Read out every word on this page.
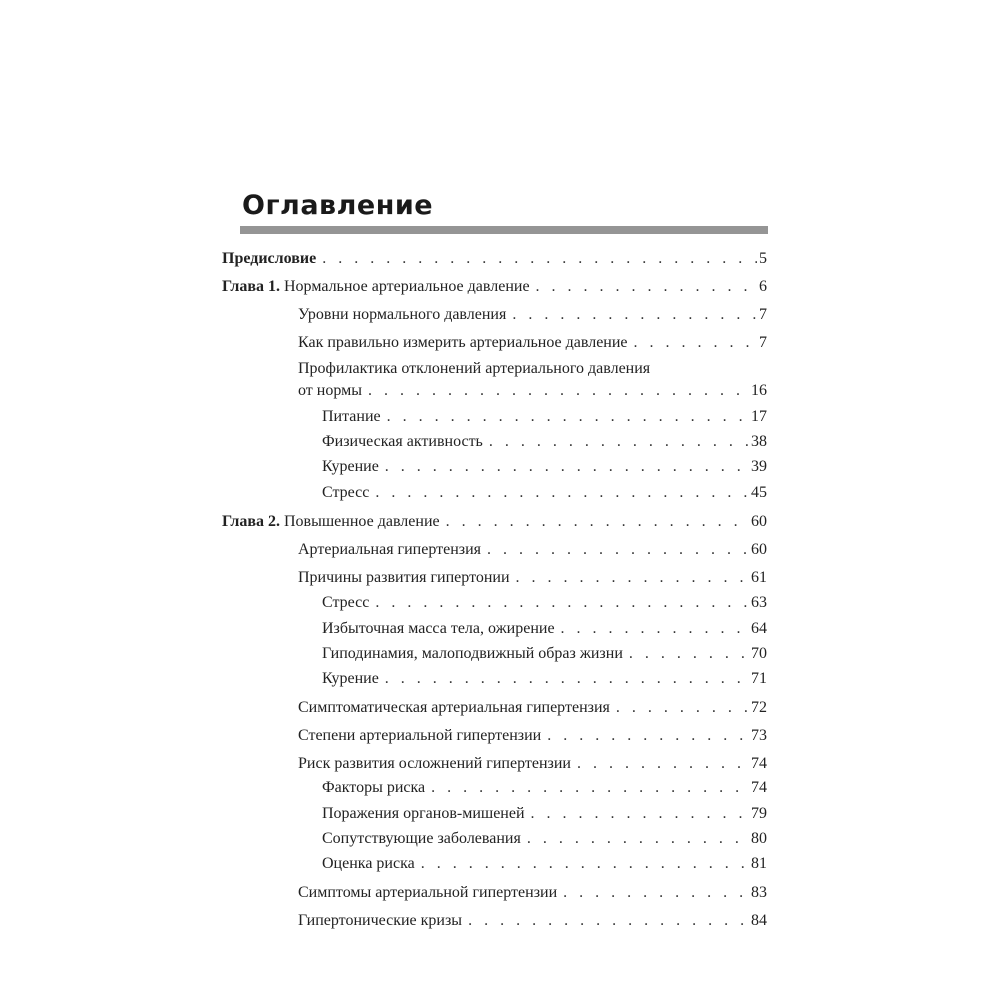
Оглавление
Предисловие . . .	5
Глава 1. Нормальное артериальное давление . . .	6
Уровни нормального давления . . .	7
Как правильно измерить артериальное давление . . .	7
Профилактика отклонений артериального давления
от нормы . . .	16
Питание . . .	17
Физическая активность . . .	38
Курение . . .	39
Стресс . . .	45
Глава 2. Повышенное давление . . .	60
Артериальная гипертензия . . .	60
Причины развития гипертонии . . .	61
Стресс . . .	63
Избыточная масса тела, ожирение . . .	64
Гиподинамия, малоподвижный образ жизни . . .	70
Курение . . .	71
Симптоматическая артериальная гипертензия . . .	72
Степени артериальной гипертензии . . .	73
Риск развития осложнений гипертензии . . .	74
Факторы риска . . .	74
Поражения органов-мишеней . . .	79
Сопутствующие заболевания . . .	80
Оценка риска . . .	81
Симптомы артериальной гипертензии . . .	83
Гипертонические кризы . . .	84
